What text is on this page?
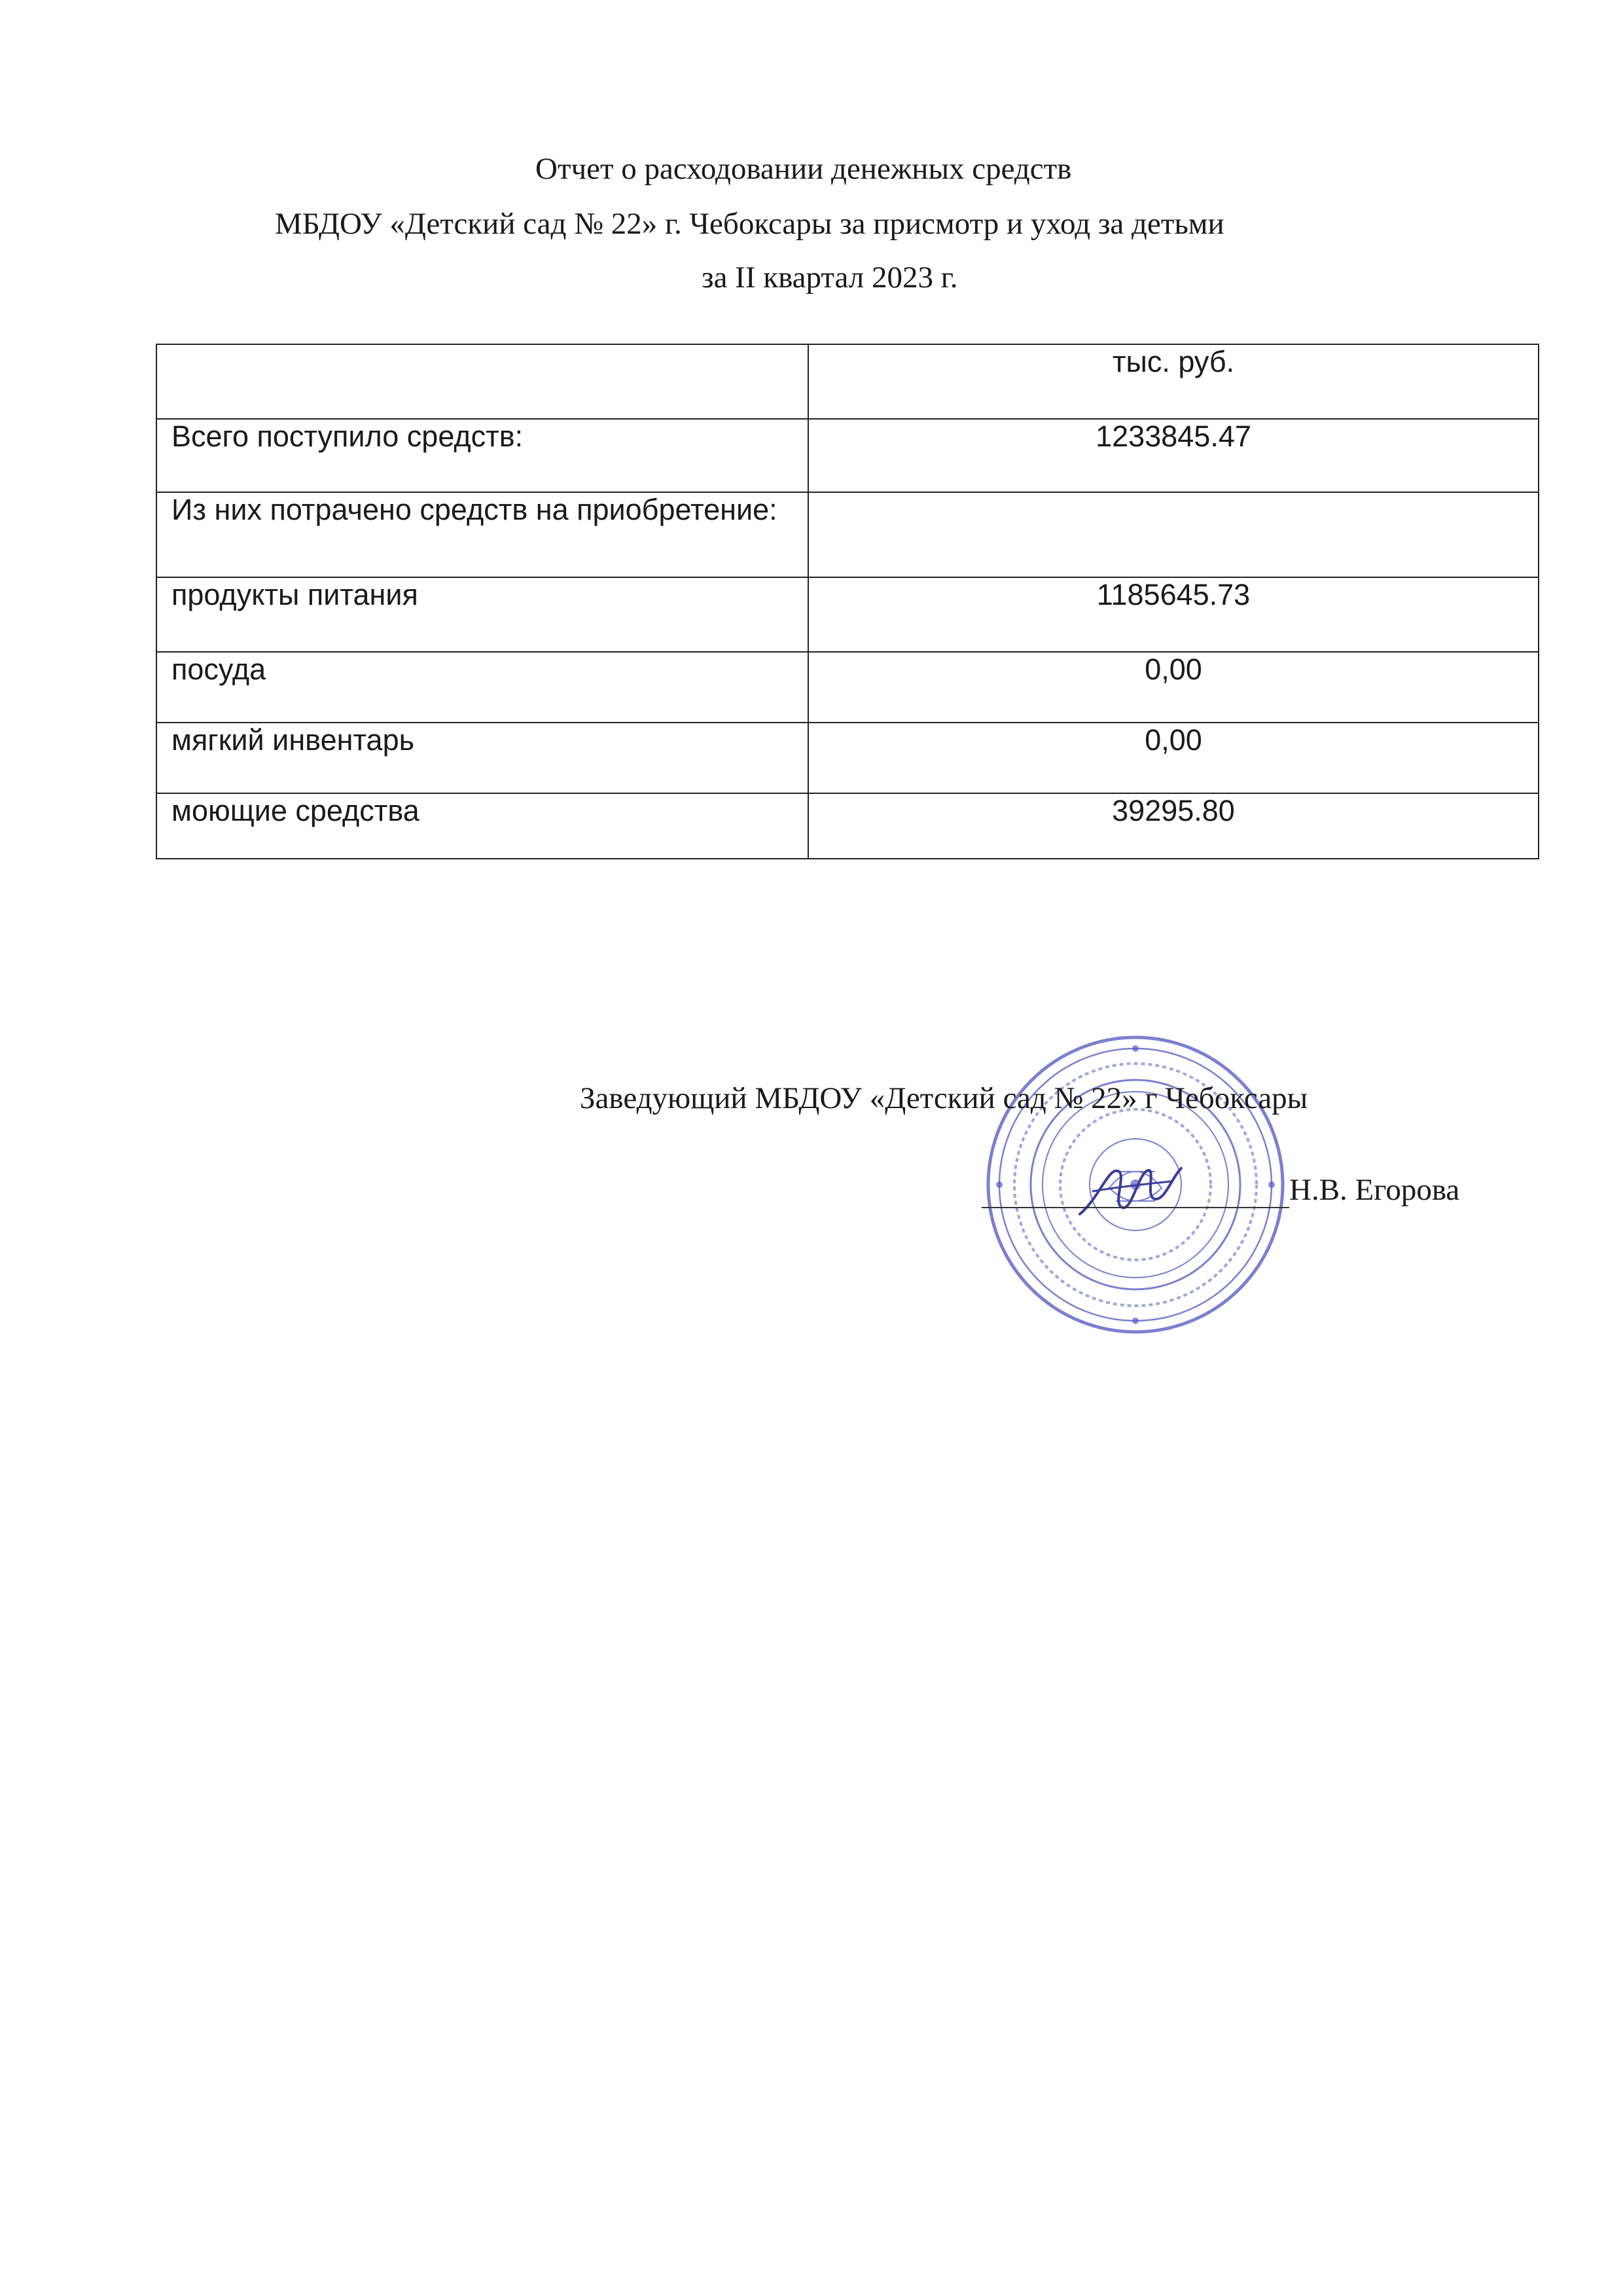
Отчет о расходовании денежных средств
МБДОУ «Детский сад № 22» г. Чебоксары за присмотр и уход за детьми
за II квартал 2023 г.
	тыс. руб.
Всего поступило средств:	1233845.47
Из них потрачено средств на приобретение:	
продукты питания	1185645.73
посуда	0,00
мягкий инвентарь	0,00
моющие средства	39295.80
Заведующий МБДОУ «Детский сад № 22» г Чебоксары
Н.В. Егорова
